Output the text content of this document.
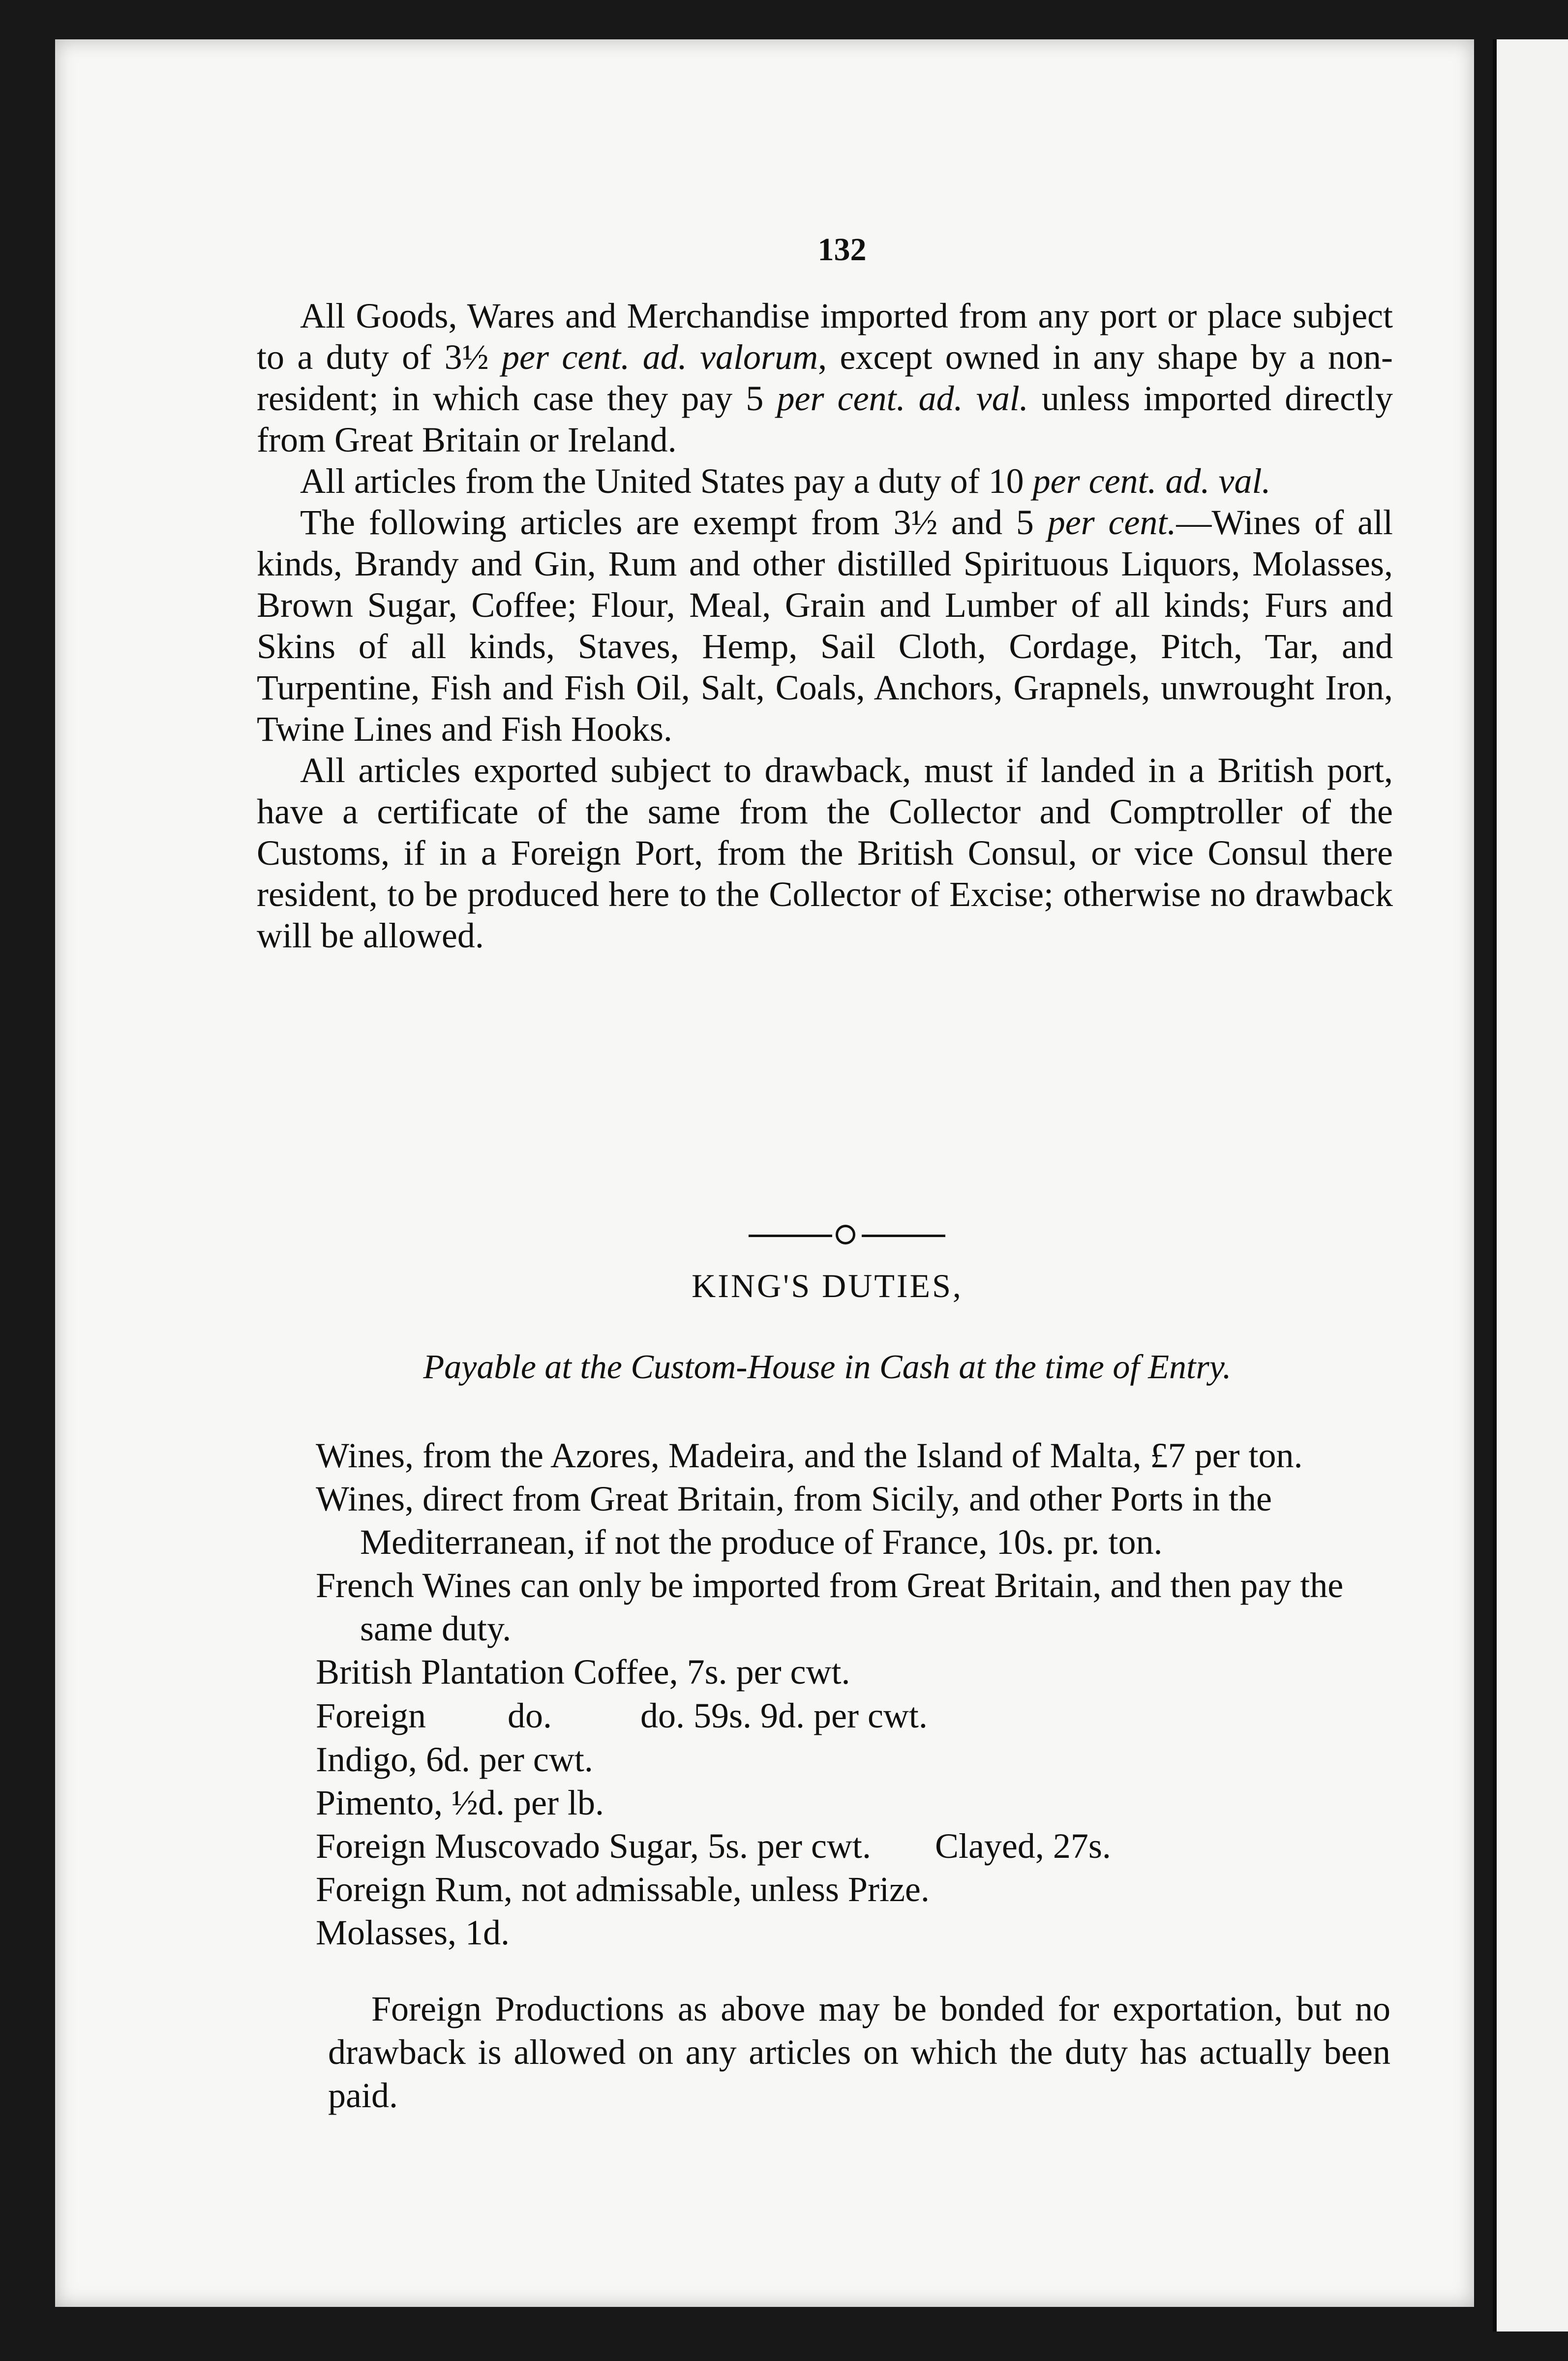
132

All Goods, Wares and Merchandise imported from any port or place subject to a duty of 3½ per cent. ad. valorum, except owned in any shape by a non-resident; in which case they pay 5 per cent. ad. val. unless imported directly from Great Britain or Ireland.

All articles from the United States pay a duty of 10 per cent. ad. val.

The following articles are exempt from 3½ and 5 per cent.—Wines of all kinds, Brandy and Gin, Rum and other distilled Spirituous Liquors, Molasses, Brown Sugar, Coffee; Flour, Meal, Grain and Lumber of all kinds; Furs and Skins of all kinds, Staves, Hemp, Sail Cloth, Cordage, Pitch, Tar, and Turpentine, Fish and Fish Oil, Salt, Coals, Anchors, Grapnels, unwrought Iron, Twine Lines and Fish Hooks.

All articles exported subject to drawback, must if landed in a British port, have a certificate of the same from the Collector and Comptroller of the Customs, if in a Foreign Port, from the British Consul, or vice Consul there resident, to be produced here to the Collector of Excise; otherwise no drawback will be allowed.

KING'S DUTIES,
Payable at the Custom-House in Cash at the time of Entry.

Wines, from the Azores, Madeira, and the Island of Malta, £7 per ton.

Wines, direct from Great Britain, from Sicily, and other Ports in the Mediterranean, if not the produce of France, 10s. pr. ton.

French Wines can only be imported from Great Britain, and then pay the same duty.

British Plantation Coffee, 7s. per cwt.

Foreign	do.	do. 59s. 9d. per cwt.

Indigo, 6d. per cwt.

Pimento, ½d. per lb.

Foreign Muscovado Sugar, 5s. per cwt. Clayed, 27s.

Foreign Rum, not admissable, unless Prize.

Molasses, 1d.

Foreign Productions as above may be bonded for exportation, but no drawback is allowed on any articles on which the duty has actually been paid.
